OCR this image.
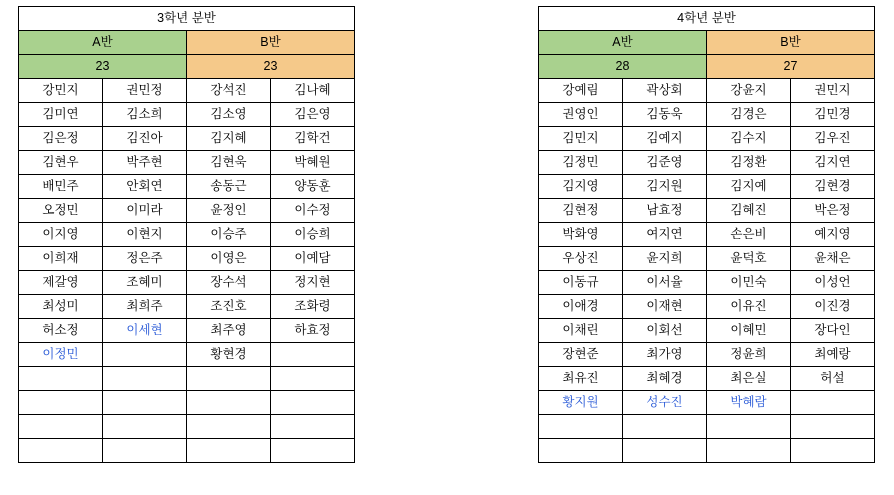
3학년 분반			
A반		B반	
23		23	
강민지	권민정	강석진	김나혜
김미연	김소희	김소영	김은영
김은정	김진아	김지혜	김학건
김현우	박주현	김현욱	박혜원
배민주	안회연	송동근	양동훈
오정민	이미라	윤정인	이수정
이지영	이현지	이승주	이승희
이희재	정은주	이영은	이예담
제갈영	조혜미	장수석	정지현
최성미	최희주	조진호	조화령
허소정	이세현	최주영	하효정
이정민		황현경	

4학년 분반			
A반		B반	
28		27	
강예림	곽상회	강윤지	권민지
권영인	김동욱	김경은	김민경
김민지	김예지	김수지	김우진
김정민	김준영	김정환	김지연
김지영	김지원	김지예	김현경
김현정	남효정	김혜진	박은정
박화영	여지연	손은비	예지영
우상진	윤지희	윤덕호	윤채은
이동규	이서율	이민숙	이성언
이애경	이재현	이유진	이진경
이채린	이회선	이혜민	장다인
장현준	최가영	정윤희	최예랑
최유진	최혜경	최은실	허설
황지원	성수진	박혜람	
